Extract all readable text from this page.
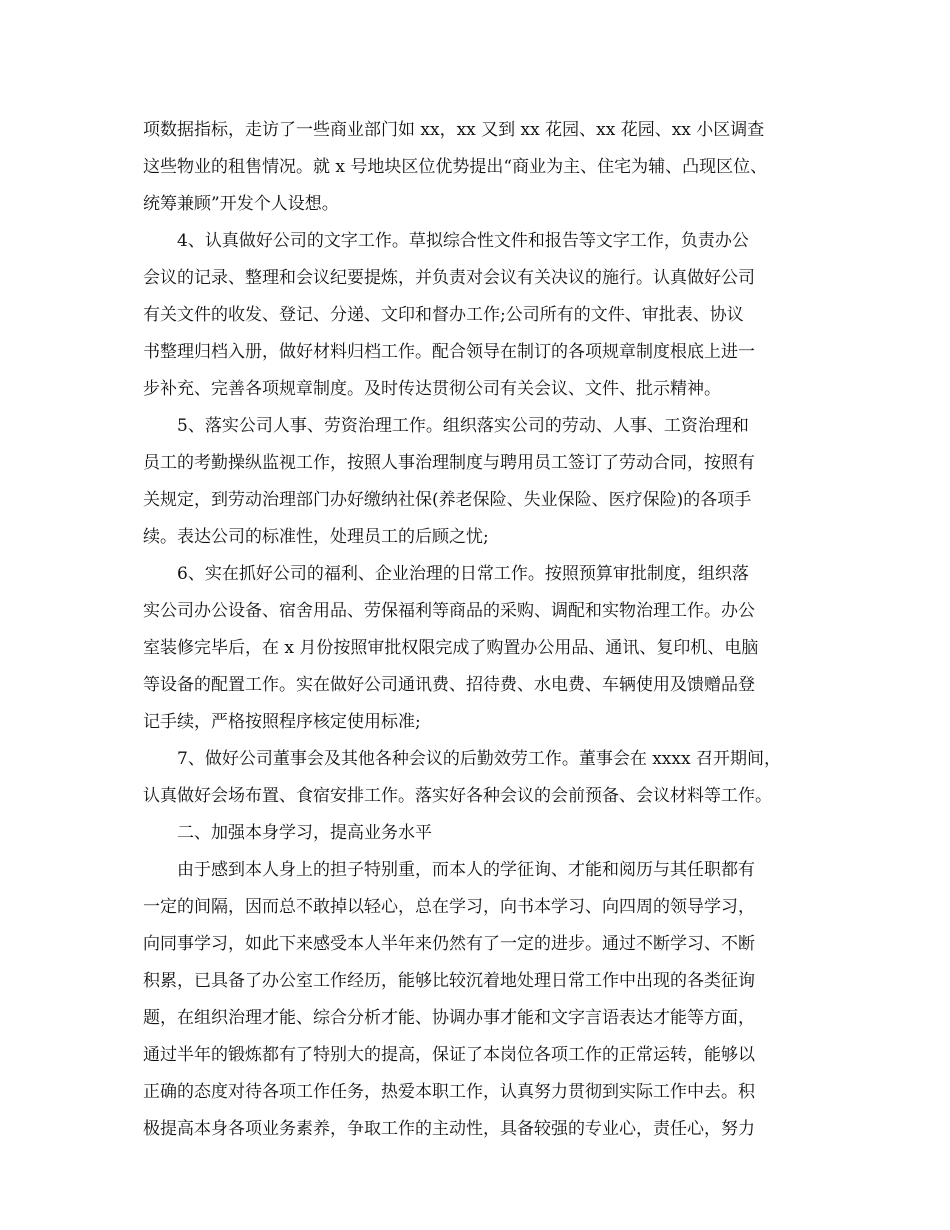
项数据指标，走访了一些商业部门如 xx，xx 又到 xx 花园、xx 花园、xx 小区调查
这些物业的租售情况。就 x 号地块区位优势提出“商业为主、住宅为辅、凸现区位、
统筹兼顾”开发个人设想。
4、认真做好公司的文字工作。草拟综合性文件和报告等文字工作，负责办公
会议的记录、整理和会议纪要提炼，并负责对会议有关决议的施行。认真做好公司
有关文件的收发、登记、分递、文印和督办工作;公司所有的文件、审批表、协议
书整理归档入册，做好材料归档工作。配合领导在制订的各项规章制度根底上进一
步补充、完善各项规章制度。及时传达贯彻公司有关会议、文件、批示精神。
5、落实公司人事、劳资治理工作。组织落实公司的劳动、人事、工资治理和
员工的考勤操纵监视工作，按照人事治理制度与聘用员工签订了劳动合同，按照有
关规定，到劳动治理部门办好缴纳社保(养老保险、失业保险、医疗保险)的各项手
续。表达公司的标准性，处理员工的后顾之忧;
6、实在抓好公司的福利、企业治理的日常工作。按照预算审批制度，组织落
实公司办公设备、宿舍用品、劳保福利等商品的采购、调配和实物治理工作。办公
室装修完毕后，在 x 月份按照审批权限完成了购置办公用品、通讯、复印机、电脑
等设备的配置工作。实在做好公司通讯费、招待费、水电费、车辆使用及馈赠品登
记手续，严格按照程序核定使用标准;
7、做好公司董事会及其他各种会议的后勤效劳工作。董事会在 xxxx 召开期间，
认真做好会场布置、食宿安排工作。落实好各种会议的会前预备、会议材料等工作。
二、加强本身学习，提高业务水平
由于感到本人身上的担子特别重，而本人的学征询、才能和阅历与其任职都有
一定的间隔，因而总不敢掉以轻心，总在学习，向书本学习、向四周的领导学习，
向同事学习，如此下来感受本人半年来仍然有了一定的进步。通过不断学习、不断
积累，已具备了办公室工作经历，能够比较沉着地处理日常工作中出现的各类征询
题，在组织治理才能、综合分析才能、协调办事才能和文字言语表达才能等方面，
通过半年的锻炼都有了特别大的提高，保证了本岗位各项工作的正常运转，能够以
正确的态度对待各项工作任务，热爱本职工作，认真努力贯彻到实际工作中去。积
极提高本身各项业务素养，争取工作的主动性，具备较强的专业心，责任心，努力
